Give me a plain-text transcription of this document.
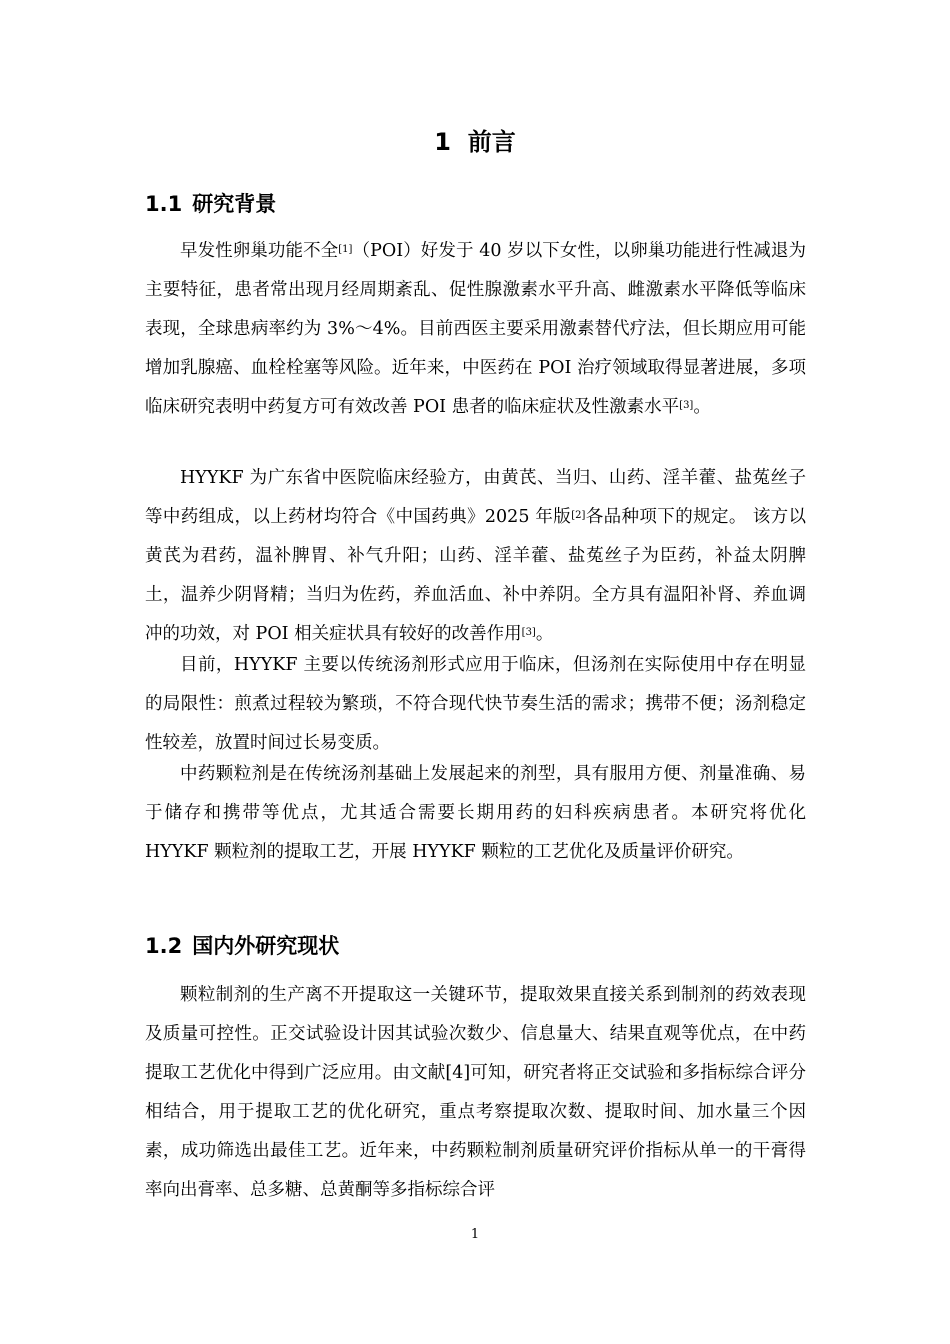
1 前言
1.1 研究背景

早发性卵巢功能不全[1]（POI）好发于 40 岁以下女性，以卵巢功能进行性减退为主要特征，患者常出现月经周期紊乱、促性腺激素水平升高、雌激素水平降低等临床表现，全球患病率约为 3%～4%。目前西医主要采用激素替代疗法，但长期应用可能增加乳腺癌、血栓栓塞等风险。近年来，中医药在 POI 治疗领域取得显著进展，多项临床研究表明中药复方可有效改善 POI 患者的临床症状及性激素水平[3]。

HYYKF 为广东省中医院临床经验方，由黄芪、当归、山药、淫羊藿、盐菟丝子等中药组成，以上药材均符合《中国药典》2025 年版[2]各品种项下的规定。 该方以黄芪为君药，温补脾胃、补气升阳；山药、淫羊藿、盐菟丝子为臣药，补益太阴脾土，温养少阴肾精；当归为佐药，养血活血、补中养阴。全方具有温阳补肾、养血调冲的功效，对 POI 相关症状具有较好的改善作用[3]。

目前，HYYKF 主要以传统汤剂形式应用于临床，但汤剂在实际使用中存在明显的局限性：煎煮过程较为繁琐，不符合现代快节奏生活的需求；携带不便；汤剂稳定性较差，放置时间过长易变质。

中药颗粒剂是在传统汤剂基础上发展起来的剂型，具有服用方便、剂量准确、易于储存和携带等优点，尤其适合需要长期用药的妇科疾病患者。本研究将优化 HYYKF 颗粒剂的提取工艺，开展 HYYKF 颗粒的工艺优化及质量评价研究。

1.2 国内外研究现状

颗粒制剂的生产离不开提取这一关键环节，提取效果直接关系到制剂的药效表现及质量可控性。正交试验设计因其试验次数少、信息量大、结果直观等优点，在中药提取工艺优化中得到广泛应用。由文献[4]可知，研究者将正交试验和多指标综合评分相结合，用于提取工艺的优化研究，重点考察提取次数、提取时间、加水量三个因素，成功筛选出最佳工艺。近年来，中药颗粒制剂质量研究评价指标从单一的干膏得率向出膏率、总多糖、总黄酮等多指标综合评

1
